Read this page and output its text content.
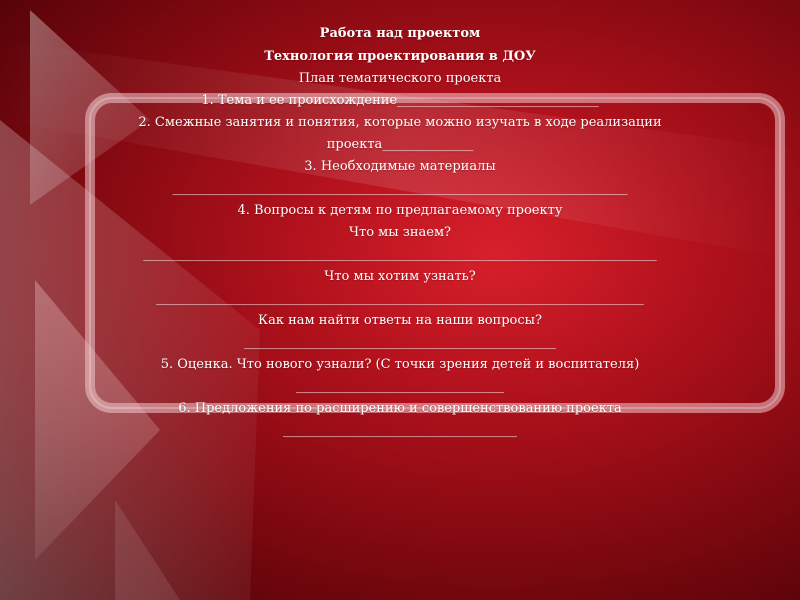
Работа над проектом
Технология проектирования в ДОУ
План тематического проекта
1. Тема и ее происхождение_______________________________
2. Смежные занятия и понятия, которые можно изучать в ходе реализации
проекта______________
3. Необходимые материалы
______________________________________________________________________
4. Вопросы к детям по предлагаемому проекту
Что мы знаем?
_______________________________________________________________________________
Что мы хотим узнать?
___________________________________________________________________________
Как нам найти ответы на наши вопросы?
________________________________________________
5. Оценка. Что нового узнали? (С точки зрения детей и воспитателя)
________________________________
6. Предложения по расширению и совершенствованию проекта
____________________________________
